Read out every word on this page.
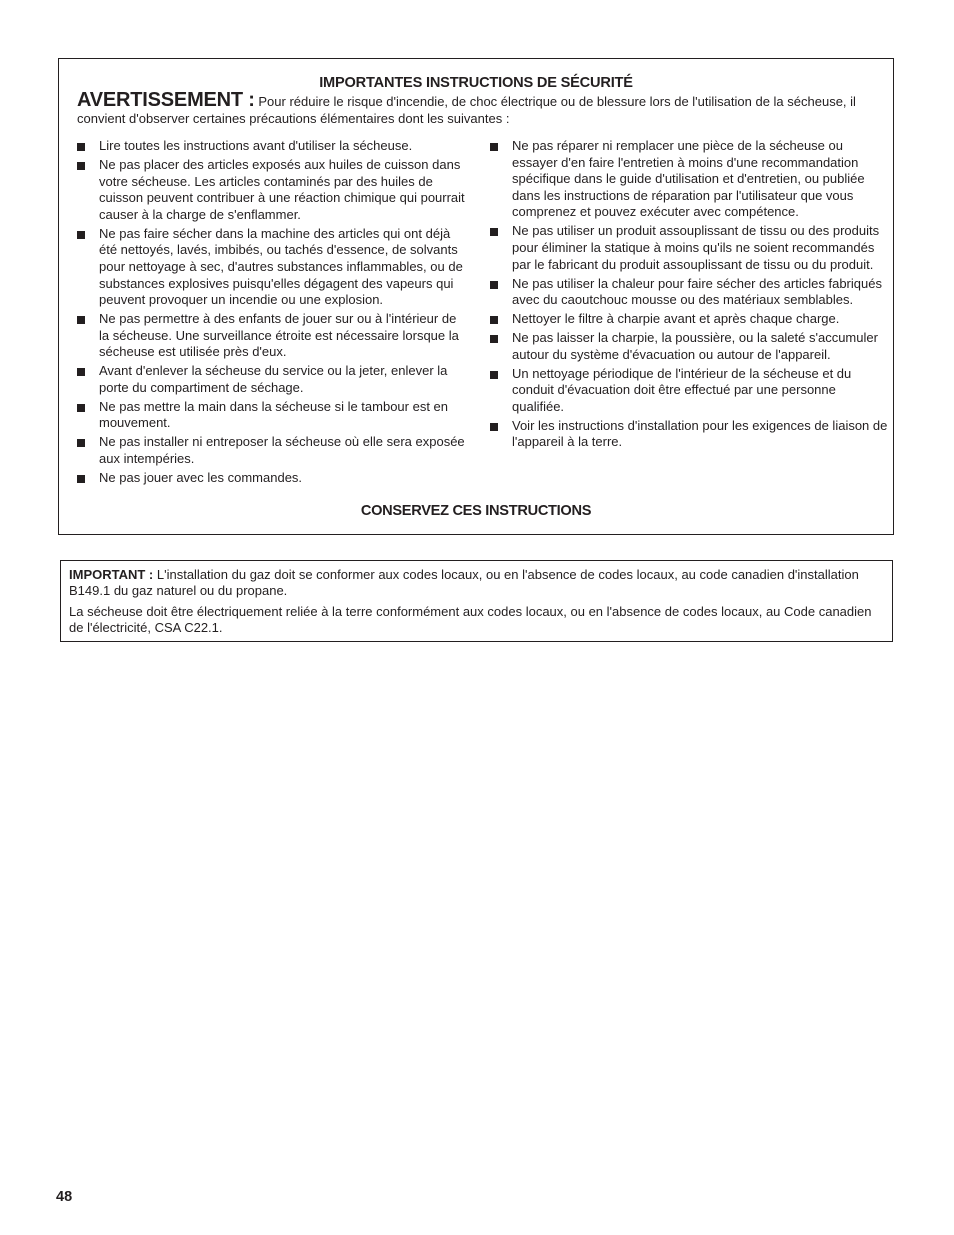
IMPORTANTES INSTRUCTIONS DE SÉCURITÉ
AVERTISSEMENT : Pour réduire le risque d'incendie, de choc électrique ou de blessure lors de l'utilisation de la sécheuse, il convient d'observer certaines précautions élémentaires dont les suivantes :
Lire toutes les instructions avant d'utiliser la sécheuse.
Ne pas placer des articles exposés aux huiles de cuisson dans votre sécheuse. Les articles contaminés par des huiles de cuisson peuvent contribuer à une réaction chimique qui pourrait causer à la charge de s'enflammer.
Ne pas faire sécher dans la machine des articles qui ont déjà été nettoyés, lavés, imbibés, ou tachés d'essence, de solvants pour nettoyage à sec, d'autres substances inflammables, ou de substances explosives puisqu'elles dégagent des vapeurs qui peuvent provoquer un incendie ou une explosion.
Ne pas permettre à des enfants de jouer sur ou à l'intérieur de la sécheuse. Une surveillance étroite est nécessaire lorsque la sécheuse est utilisée près d'eux.
Avant d'enlever la sécheuse du service ou la jeter, enlever la porte du compartiment de séchage.
Ne pas mettre la main dans la sécheuse si le tambour est en mouvement.
Ne pas installer ni entreposer la sécheuse où elle sera exposée aux intempéries.
Ne pas jouer avec les commandes.
Ne pas réparer ni remplacer une pièce de la sécheuse ou essayer d'en faire l'entretien à moins d'une recommandation spécifique dans le guide d'utilisation et d'entretien, ou publiée dans les instructions de réparation par l'utilisateur que vous comprenez et pouvez exécuter avec compétence.
Ne pas utiliser un produit assouplissant de tissu ou des produits pour éliminer la statique à moins qu'ils ne soient recommandés par le fabricant du produit assouplissant de tissu ou du produit.
Ne pas utiliser la chaleur pour faire sécher des articles fabriqués avec du caoutchouc mousse ou des matériaux semblables.
Nettoyer le filtre à charpie avant et après chaque charge.
Ne pas laisser la charpie, la poussière, ou la saleté s'accumuler autour du système d'évacuation ou autour de l'appareil.
Un nettoyage périodique de l'intérieur de la sécheuse et du conduit d'évacuation doit être effectué par une personne qualifiée.
Voir les instructions d'installation pour les exigences de liaison de l'appareil à la terre.
CONSERVEZ CES INSTRUCTIONS

IMPORTANT : L'installation du gaz doit se conformer aux codes locaux, ou en l'absence de codes locaux, au code canadien d'installation B149.1 du gaz naturel ou du propane.

La sécheuse doit être électriquement reliée à la terre conformément aux codes locaux, ou en l'absence de codes locaux, au Code canadien de l'électricité, CSA C22.1.

48
